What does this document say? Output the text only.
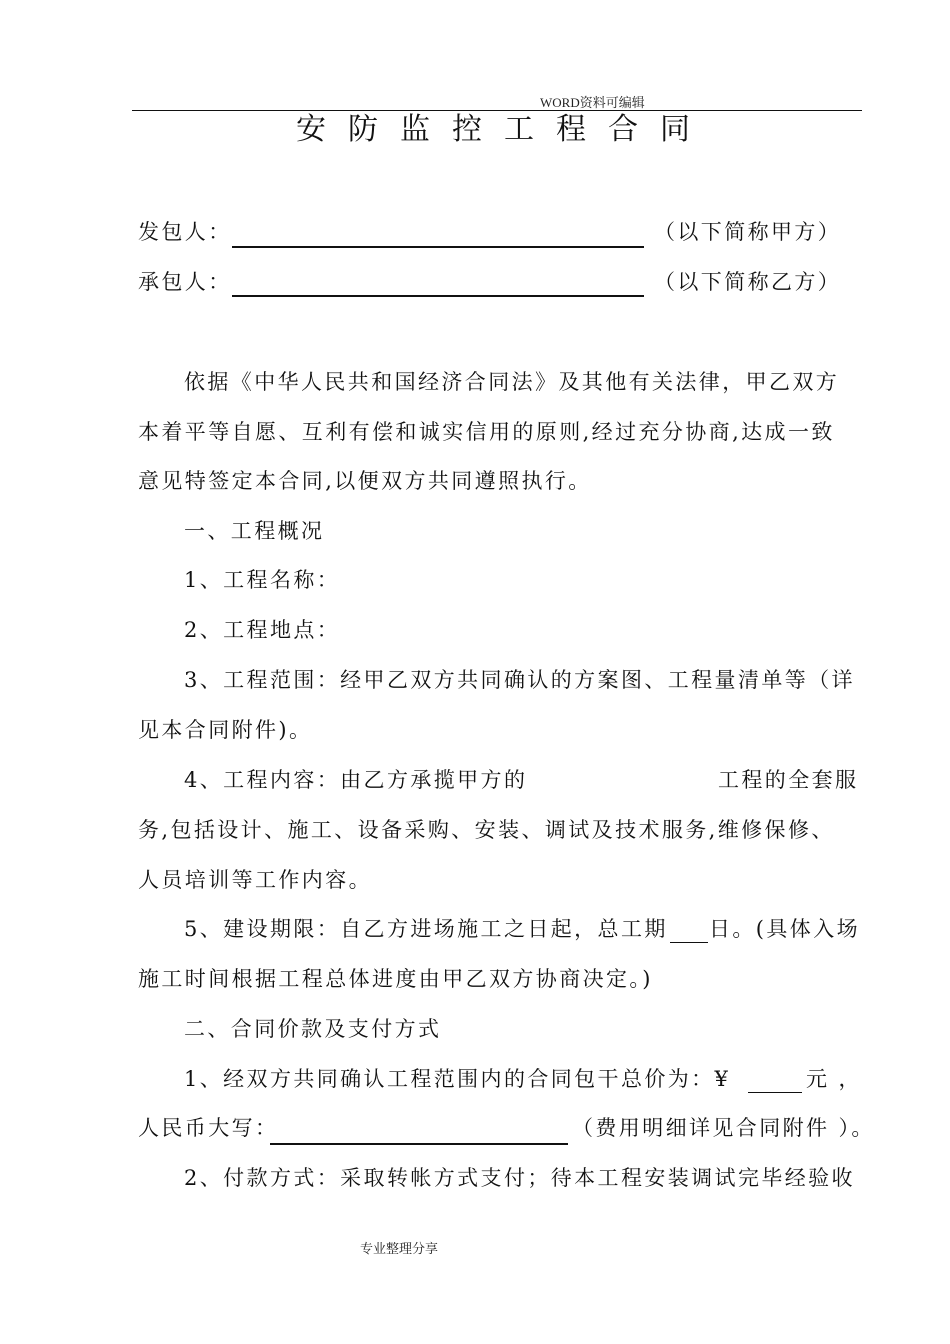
WORD资料可编辑
安防监控工程合同
发包人：	（以下简称甲方）
承包人：	（以下简称乙方）
依据《中华人民共和国经济合同法》及其他有关法律，甲乙双方
本着平等自愿、互利有偿和诚实信用的原则,经过充分协商,达成一致
意见特签定本合同,以便双方共同遵照执行。
一、工程概况
1、工程名称：
2、工程地点：
3、工程范围：经甲乙双方共同确认的方案图、工程量清单等（详
见本合同附件)。
4、工程内容：由乙方承揽甲方的	工程的全套服
务,包括设计、施工、设备采购、安装、调试及技术服务,维修保修、
人员培训等工作内容。
5、建设期限：自乙方进场施工之日起，总工期 日。(具体入场
施工时间根据工程总体进度由甲乙双方协商决定。)
二、合同价款及支付方式
1、经双方共同确认工程范围内的合同包干总价为：¥	元 ，
人民币大写：	（费用明细详见合同附件 ）。
2、付款方式：采取转帐方式支付；待本工程安装调试完毕经验收
专业整理分享
